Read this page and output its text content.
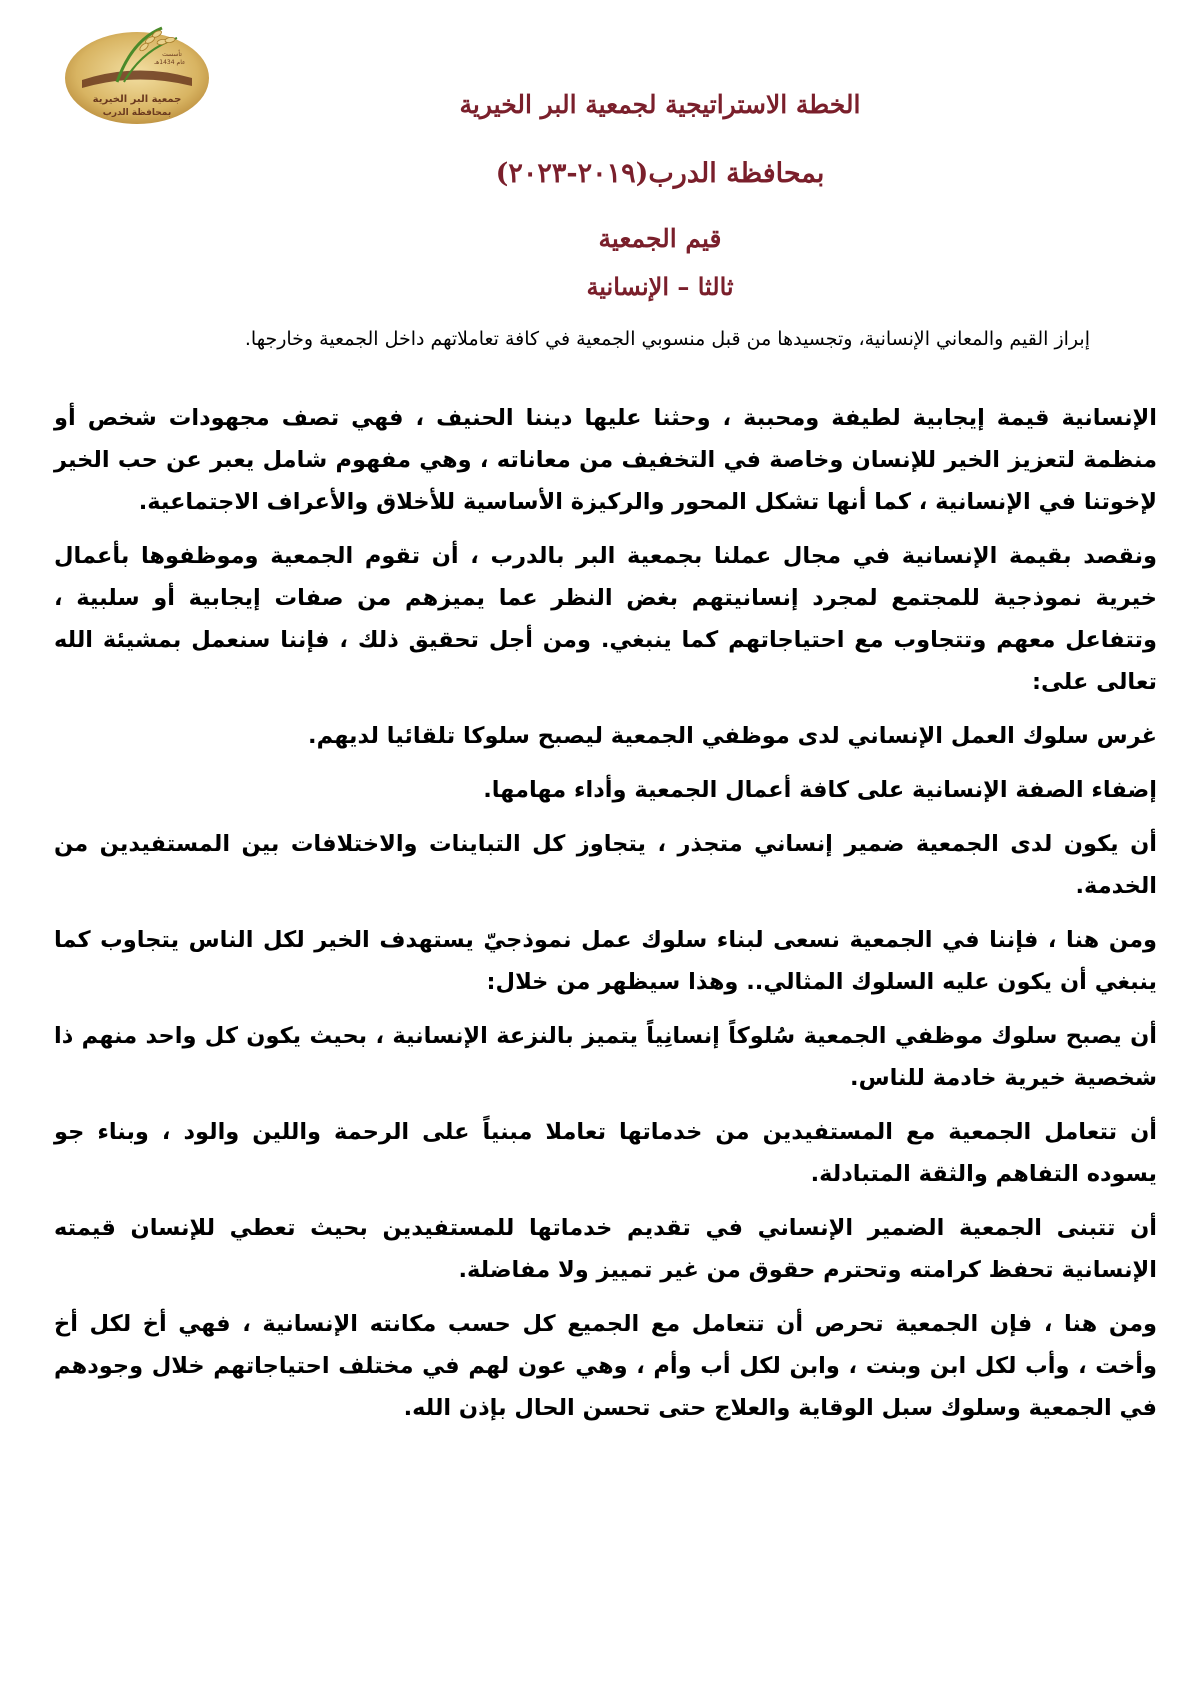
تأسست
عام 1434هـ
جمعية البر الخيرية
بمحافظة الدرب	الخطة الاستراتيجية لجمعية البر الخيرية
بمحافظة الدرب(٢٠١٩-٢٠٢٣)
قيم الجمعية
ثالثا – الإنسانية
إبراز القيم والمعاني الإنسانية، وتجسيدها من قبل منسوبي الجمعية في كافة تعاملاتهم داخل الجمعية وخارجها.

الإنسانية قيمة إيجابية لطيفة ومحببة ، وحثنا عليها ديننا الحنيف ، فهي تصف مجهودات شخص أو منظمة لتعزيز الخير للإنسان وخاصة في التخفيف من معاناته ، وهي مفهوم شامل يعبر عن حب الخير لإخوتنا في الإنسانية ، كما أنها تشكل المحور والركيزة الأساسية للأخلاق والأعراف الاجتماعية.

ونقصد بقيمة الإنسانية في مجال عملنا بجمعية البر بالدرب ، أن تقوم الجمعية وموظفوها بأعمال خيرية نموذجية للمجتمع لمجرد إنسانيتهم بغض النظر عما يميزهم من صفات إيجابية أو سلبية ، وتتفاعل معهم وتتجاوب مع احتياجاتهم كما ينبغي. ومن أجل تحقيق ذلك ، فإننا سنعمل بمشيئة الله تعالى على:

غرس سلوك العمل الإنساني لدى موظفي الجمعية ليصبح سلوكا تلقائيا لديهم.

إضفاء الصفة الإنسانية على كافة أعمال الجمعية وأداء مهامها.

أن يكون لدى الجمعية ضمير إنساني متجذر ، يتجاوز كل التباينات والاختلافات بين المستفيدين من الخدمة.

ومن هنا ، فإننا في الجمعية نسعى لبناء سلوك عمل نموذجيّ يستهدف الخير لكل الناس يتجاوب كما ينبغي أن يكون عليه السلوك المثالي.. وهذا سيظهر من خلال:

أن يصبح سلوك موظفي الجمعية سُلوكاً إنسانِياً يتميز بالنزعة الإنسانية ، بحيث يكون كل واحد منهم ذا شخصية خيرية خادمة للناس.

أن تتعامل الجمعية مع المستفيدين من خدماتها تعاملا مبنياً على الرحمة واللين والود ، وبناء جو يسوده التفاهم والثقة المتبادلة.

أن تتبنى الجمعية الضمير الإنساني في تقديم خدماتها للمستفيدين بحيث تعطي للإنسان قيمته الإنسانية تحفظ كرامته وتحترم حقوق من غير تمييز ولا مفاضلة.

ومن هنا ، فإن الجمعية تحرص أن تتعامل مع الجميع كل حسب مكانته الإنسانية ، فهي أخ لكل أخ وأخت ، وأب لكل ابن وبنت ، وابن لكل أب وأم ، وهي عون لهم في مختلف احتياجاتهم خلال وجودهم في الجمعية وسلوك سبل الوقاية والعلاج حتى تحسن الحال بإذن الله.
